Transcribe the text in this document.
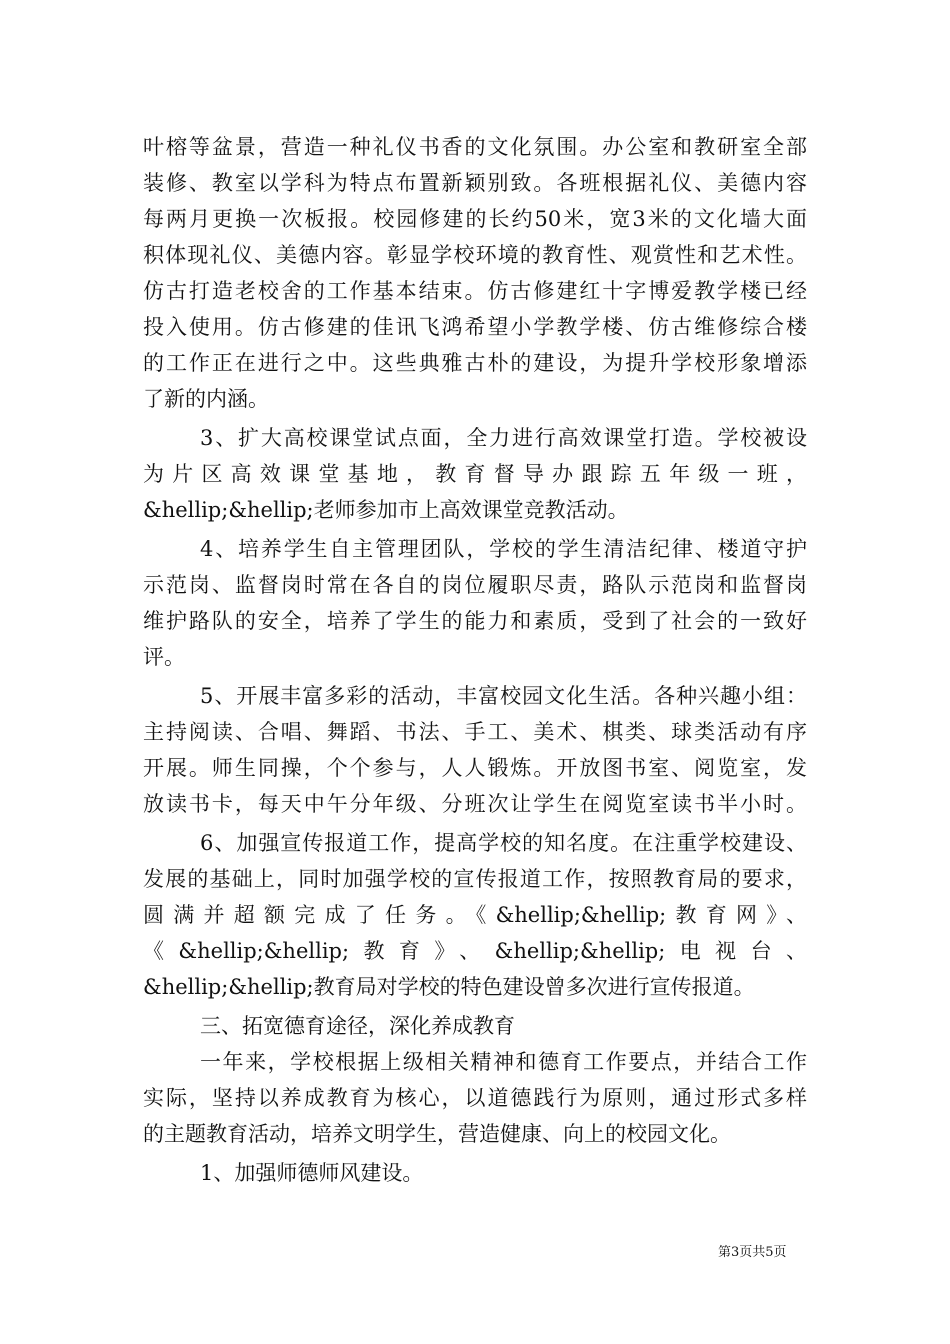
叶榕等盆景，营造一种礼仪书香的文化氛围。办公室和教研室全部
装修、教室以学科为特点布置新颖别致。各班根据礼仪、美德内容
每两月更换一次板报。校园修建的长约50米，宽3米的文化墙大面
积体现礼仪、美德内容。彰显学校环境的教育性、观赏性和艺术性。
仿古打造老校舍的工作基本结束。仿古修建红十字博爱教学楼已经
投入使用。仿古修建的佳讯飞鸿希望小学教学楼、仿古维修综合楼
的工作正在进行之中。这些典雅古朴的建设，为提升学校形象增添
了新的内涵。
3、扩大高校课堂试点面，全力进行高效课堂打造。学校被设
为片区高效课堂基地，教育督导办跟踪五年级一班，
&hellip;&hellip;老师参加市上高效课堂竞教活动。
4、培养学生自主管理团队，学校的学生清洁纪律、楼道守护
示范岗、监督岗时常在各自的岗位履职尽责，路队示范岗和监督岗
维护路队的安全，培养了学生的能力和素质，受到了社会的一致好
评。
5、开展丰富多彩的活动，丰富校园文化生活。各种兴趣小组：
主持阅读、合唱、舞蹈、书法、手工、美术、棋类、球类活动有序
开展。师生同操，个个参与，人人锻炼。开放图书室、阅览室，发
放读书卡，每天中午分年级、分班次让学生在阅览室读书半小时。
6、加强宣传报道工作，提高学校的知名度。在注重学校建设、
发展的基础上，同时加强学校的宣传报道工作，按照教育局的要求，
圆满并超额完成了任务。《&hellip;&hellip;教育网》、
《&hellip;&hellip;教育》、&hellip;&hellip;电视台、
&hellip;&hellip;教育局对学校的特色建设曾多次进行宣传报道。
三、拓宽德育途径，深化养成教育
一年来，学校根据上级相关精神和德育工作要点，并结合工作
实际，坚持以养成教育为核心，以道德践行为原则，通过形式多样
的主题教育活动，培养文明学生，营造健康、向上的校园文化。
1、加强师德师风建设。
第3页共5页
